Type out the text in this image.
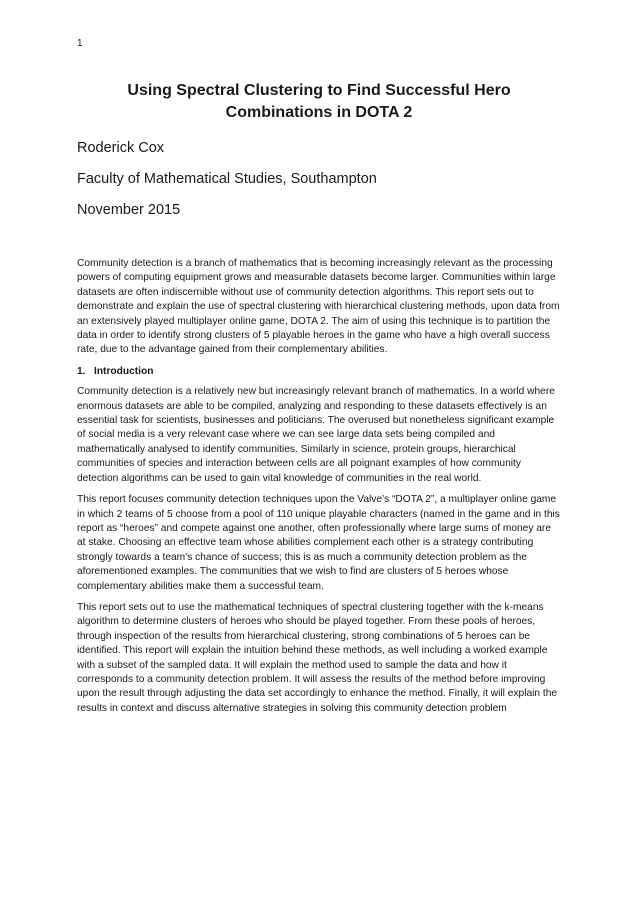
1
Using Spectral Clustering to Find Successful Hero
Combinations in DOTA 2
Roderick Cox
Faculty of Mathematical Studies, Southampton
November 2015

Community detection is a branch of mathematics that is becoming increasingly relevant as the processing powers of computing equipment grows and measurable datasets become larger. Communities within large datasets are often indiscernible without use of community detection algorithms. This report sets out to demonstrate and explain the use of spectral clustering with hierarchical clustering methods, upon data from an extensively played multiplayer online game, DOTA 2. The aim of using this technique is to partition the data in order to identify strong clusters of 5 playable heroes in the game who have a high overall success rate, due to the advantage gained from their complementary abilities.

1. Introduction

Community detection is a relatively new but increasingly relevant branch of mathematics. In a world where enormous datasets are able to be compiled, analyzing and responding to these datasets effectively is an essential task for scientists, businesses and politicians. The overused but nonetheless significant example of social media is a very relevant case where we can see large data sets being compiled and mathematically analysed to identify communities. Similarly in science, protein groups, hierarchical communities of species and interaction between cells are all poignant examples of how community detection algorithms can be used to gain vital knowledge of communities in the real world.

This report focuses community detection techniques upon the Valve’s “DOTA 2”, a multiplayer online game in which 2 teams of 5 choose from a pool of 110 unique playable characters (named in the game and in this report as “heroes” and compete against one another, often professionally where large sums of money are at stake. Choosing an effective team whose abilities complement each other is a strategy contributing strongly towards a team’s chance of success; this is as much a community detection problem as the aforementioned examples. The communities that we wish to find are clusters of 5 heroes whose complementary abilities make them a successful team.

This report sets out to use the mathematical techniques of spectral clustering together with the k-means algorithm to determine clusters of heroes who should be played together. From these pools of heroes, through inspection of the results from hierarchical clustering, strong combinations of 5 heroes can be identified. This report will explain the intuition behind these methods, as well including a worked example with a subset of the sampled data. It will explain the method used to sample the data and how it corresponds to a community detection problem. It will assess the results of the method before improving upon the result through adjusting the data set accordingly to enhance the method. Finally, it will explain the results in context and discuss alternative strategies in solving this community detection problem
